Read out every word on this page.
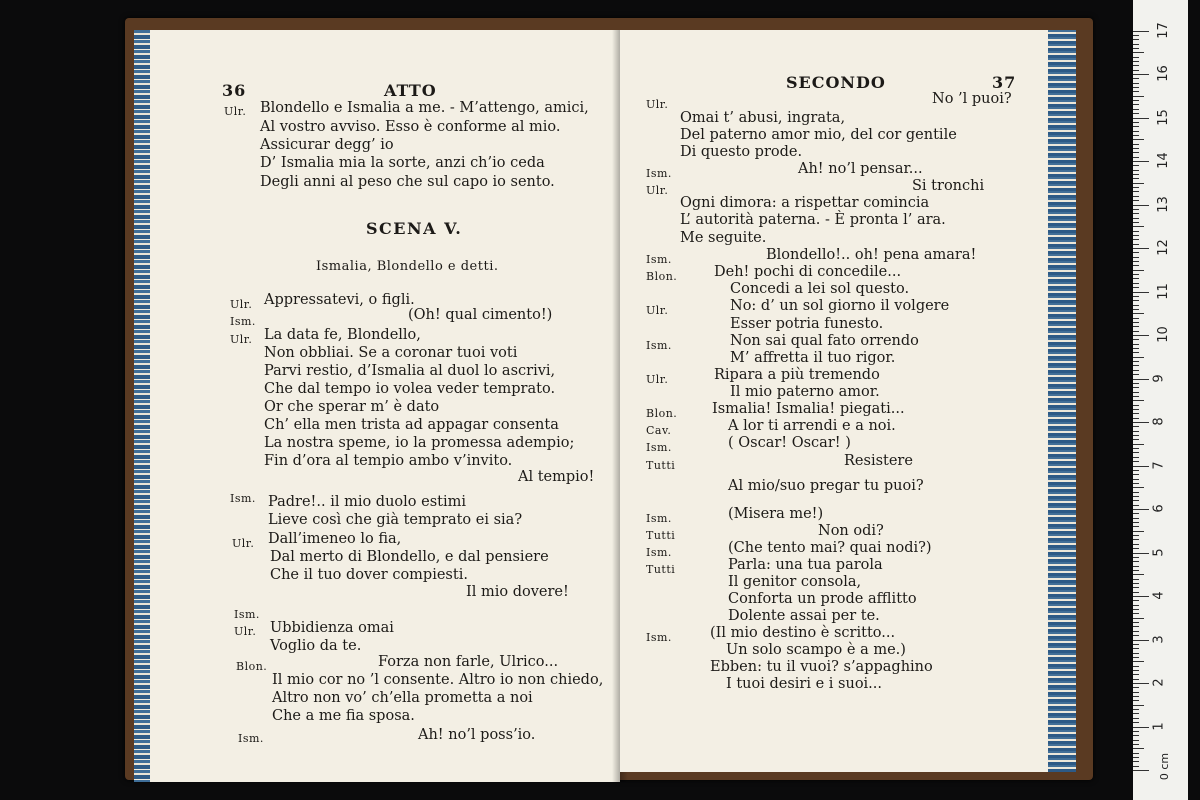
36	ATTO
Ulr. Blondello e Ismalia a me. - M’attengo, amici,
Al vostro avviso. Esso è conforme al mio.
Assicurar degg’ io
D’ Ismalia mia la sorte, anzi ch’io ceda
Degli anni al peso che sul capo io sento.
SCENA V.
Ismalia, Blondello e detti.
Ulr. Appressatevi, o figli.
Ism.	(Oh! qual cimento!)
Ulr. La data fe, Blondello,
Non obbliai. Se a coronar tuoi voti
Parvi restio, d’Ismalia al duol lo ascrivi,
Che dal tempo io volea veder temprato.
Or che sperar m’ è dato
Ch’ ella men trista ad appagar consenta
La nostra speme, io la promessa adempio;
Fin d’ora al tempio ambo v’invito.
Al tempio!
Ism. Padre!.. il mio duolo estimi
Lieve così che già temprato ei sia?
Ulr. Dall’imeneo lo fia,
Dal merto di Blondello, e dal pensiere
Che il tuo dover compiesti.
Il mio dovere!
Ism.
Ulr. Ubbidienza omai
Voglio da te.
Blon.	Forza non farle, Ulrico...
Il mio cor no ’l consente. Altro io non chiedo,
Altro non vo’ ch’ella prometta a noi
Che a me fia sposa.
Ah! no’l poss’io.
Ism.
SECONDO	37
Ulr.	No ’l puoi?
Omai t’ abusi, ingrata,
Del paterno amor mio, del cor gentile
Di questo prode.
Ism.	Ah! no’l pensar...
Ulr.	Si tronchi
Ogni dimora: a rispettar comincia
L’ autorità paterna. - È pronta l’ ara.
Me seguite.
Ism.	Blondello!.. oh! pena amara!
Blon.	Deh! pochi di concedile...
Concedi a lei sol questo.
Ulr.	No: d’ un sol giorno il volgere
Esser potria funesto.
Ism.	Non sai qual fato orrendo
M’ affretta il tuo rigor.
Ulr.	Ripara a più tremendo
Il mio paterno amor.
Blon. Ismalia! Ismalia! piegati...
Cav.	A lor ti arrendi e a noi.
Ism.	( Oscar! Oscar! )
Tutti	Resistere
Al mio/suo pregar tu puoi?
Ism.	(Misera me!)
Tutti	Non odi?
Ism.	(Che tento mai? quai nodi?)
Tutti	Parla: una tua parola
Il genitor consola,
Conforta un prode afflitto
Dolente assai per te.
Ism.	(Il mio destino è scritto...
Un solo scampo è a me.)
Ebben: tu il vuoi? s’appaghino
I tuoi desiri e i suoi...
1
2
3
4
5
6
7
8
9
10
11
12
13
14
15
16
17
0 cm
